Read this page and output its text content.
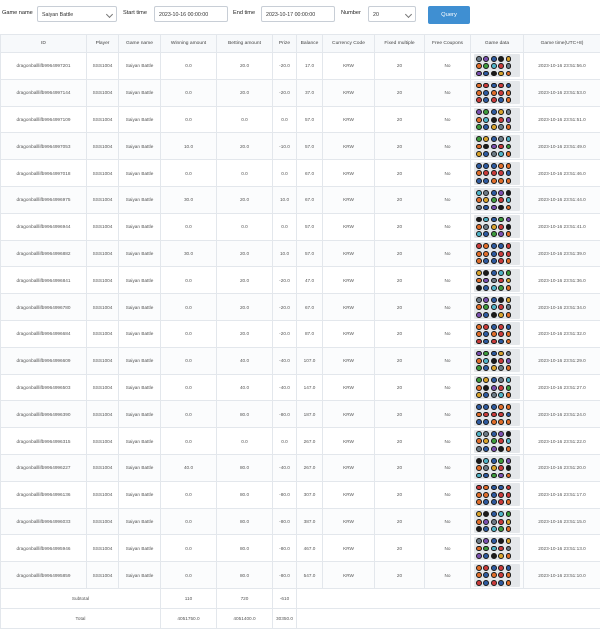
Game name	Saiyan Battle	Start time	2023-10-16 00:00:00	End time	2023-10-17 00:00:00	Number	20	Query
ID	Player	Game name	Winning amount	Betting amount	Prize	Balance	Currency Code	Fixed multiple	Free Coupons	Game data	Game time(UTC+8)
dragonballlifb9964997201	SSS1004	Saiyan Battle	0.0	20.0	-20.0	17.0	KRW	20	No		2023-10-16 23:51:56.0
dragonballlifb9964997144	SSS1004	Saiyan Battle	0.0	20.0	-20.0	37.0	KRW	20	No		2023-10-16 23:51:53.0
dragonballlifb9964997109	SSS1004	Saiyan Battle	0.0	0.0	0.0	57.0	KRW	20	No		2023-10-16 23:51:51.0
dragonballlifb9964997053	SSS1004	Saiyan Battle	10.0	20.0	-10.0	57.0	KRW	20	No		2023-10-16 23:51:49.0
dragonballlifb9964997018	SSS1004	Saiyan Battle	0.0	0.0	0.0	67.0	KRW	20	No		2023-10-16 23:51:46.0
dragonballlifb9964996975	SSS1004	Saiyan Battle	30.0	20.0	10.0	67.0	KRW	20	No		2023-10-16 23:51:44.0
dragonballlifb9964996944	SSS1004	Saiyan Battle	0.0	0.0	0.0	57.0	KRW	20	No		2023-10-16 23:51:41.0
dragonballlifb9964996882	SSS1004	Saiyan Battle	30.0	20.0	10.0	57.0	KRW	20	No		2023-10-16 23:51:39.0
dragonballlifb9964996841	SSS1004	Saiyan Battle	0.0	20.0	-20.0	47.0	KRW	20	No		2023-10-16 23:51:36.0
dragonballlifb9964996780	SSS1004	Saiyan Battle	0.0	20.0	-20.0	67.0	KRW	20	No		2023-10-16 23:51:34.0
dragonballlifb9964996684	SSS1004	Saiyan Battle	0.0	20.0	-20.0	87.0	KRW	20	No		2023-10-16 23:51:32.0
dragonballlifb9964996609	SSS1004	Saiyan Battle	0.0	40.0	-40.0	107.0	KRW	20	No		2023-10-16 23:51:29.0
dragonballlifb9964996503	SSS1004	Saiyan Battle	0.0	40.0	-40.0	147.0	KRW	20	No		2023-10-16 23:51:27.0
dragonballlifb9964996390	SSS1004	Saiyan Battle	0.0	80.0	-80.0	187.0	KRW	20	No		2023-10-16 23:51:24.0
dragonballlifb9964996315	SSS1004	Saiyan Battle	0.0	0.0	0.0	267.0	KRW	20	No		2023-10-16 23:51:22.0
dragonballlifb9964996227	SSS1004	Saiyan Battle	40.0	80.0	-40.0	267.0	KRW	20	No		2023-10-16 23:51:20.0
dragonballlifb9964996136	SSS1004	Saiyan Battle	0.0	80.0	-80.0	307.0	KRW	20	No		2023-10-16 23:51:17.0
dragonballlifb9964996033	SSS1004	Saiyan Battle	0.0	80.0	-80.0	387.0	KRW	20	No		2023-10-16 23:51:15.0
dragonballlifb9964995946	SSS1004	Saiyan Battle	0.0	80.0	-80.0	467.0	KRW	20	No		2023-10-16 23:51:13.0
dragonballlifb9964995859	SSS1004	Saiyan Battle	0.0	80.0	-80.0	547.0	KRW	20	No		2023-10-16 23:51:10.0
Subtotal			110	720	-610						
Total			4051750.0	4051400.0	30350.0						
